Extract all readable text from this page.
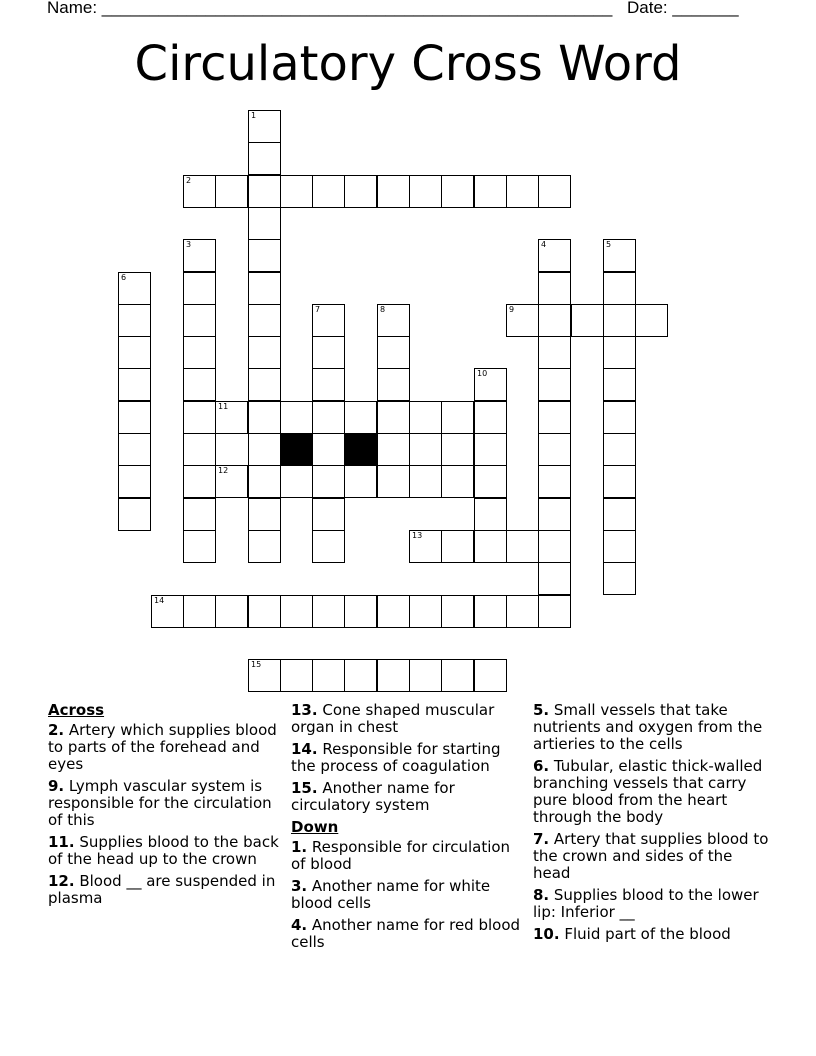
Name: ______________________________________________________ Date: _______
Circulatory Cross Word
1
2
3	4	5
6
7	8	9
10
11
12
13
14
15
Across
2. Artery which supplies blood to parts of the forehead and eyes
9. Lymph vascular system is responsible for the circulation of this
11. Supplies blood to the back of the head up to the crown
12. Blood __ are suspended in plasma
13. Cone shaped muscular organ in chest
14. Responsible for starting the process of coagulation
15. Another name for circulatory system
Down
1. Responsible for circulation of blood
3. Another name for white blood cells
4. Another name for red blood cells
5. Small vessels that take nutrients and oxygen from the artieries to the cells
6. Tubular, elastic thick-walled branching vessels that carry pure blood from the heart through the body
7. Artery that supplies blood to the crown and sides of the head
8. Supplies blood to the lower lip: Inferior __
10. Fluid part of the blood
